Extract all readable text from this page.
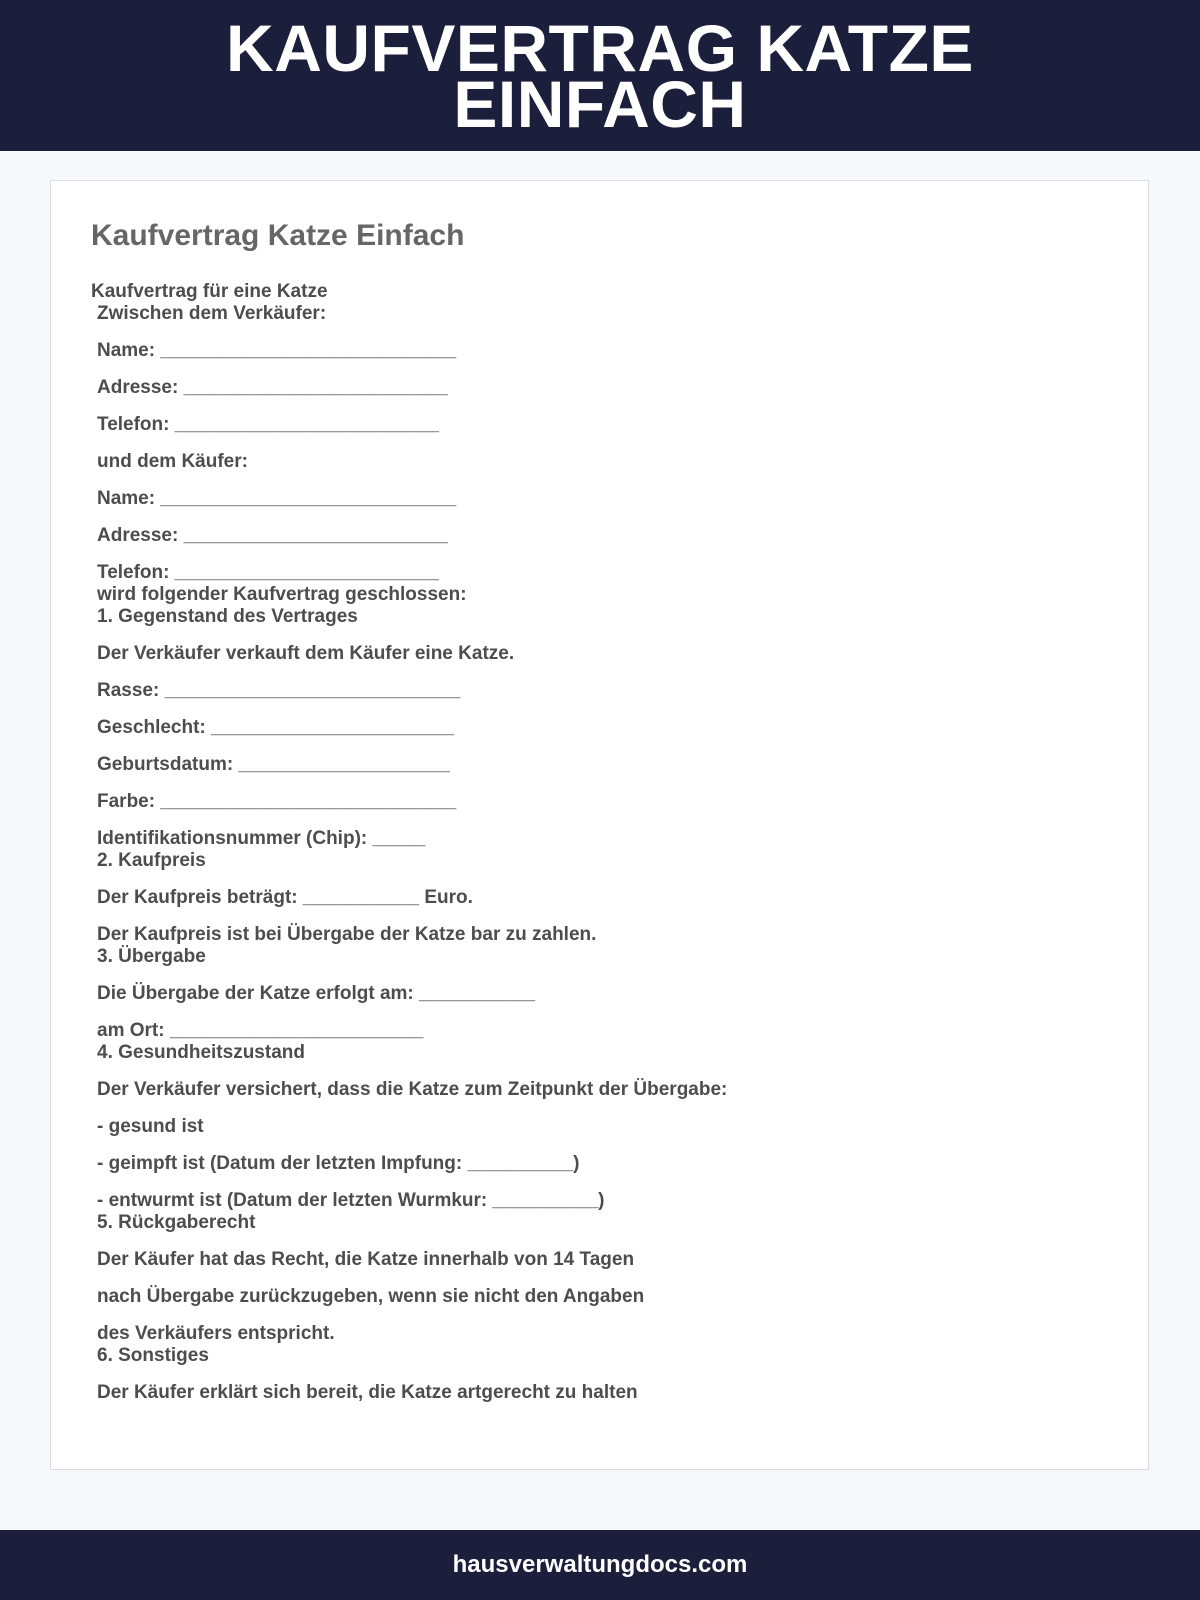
KAUFVERTRAG KATZE
EINFACH
Kaufvertrag Katze Einfach
Kaufvertrag für eine Katze
Zwischen dem Verkäufer:
Name: ____________________________
Adresse: _________________________
Telefon: _________________________
und dem Käufer:
Name: ____________________________
Adresse: _________________________
Telefon: _________________________
wird folgender Kaufvertrag geschlossen:
1. Gegenstand des Vertrages
Der Verkäufer verkauft dem Käufer eine Katze.
Rasse: ____________________________
Geschlecht: _______________________
Geburtsdatum: ____________________
Farbe: ____________________________
Identifikationsnummer (Chip): _____
2. Kaufpreis
Der Kaufpreis beträgt: ___________ Euro.
Der Kaufpreis ist bei Übergabe der Katze bar zu zahlen.
3. Übergabe
Die Übergabe der Katze erfolgt am: ___________
am Ort: ________________________
4. Gesundheitszustand
Der Verkäufer versichert, dass die Katze zum Zeitpunkt der Übergabe:
- gesund ist
- geimpft ist (Datum der letzten Impfung: __________)
- entwurmt ist (Datum der letzten Wurmkur: __________)
5. Rückgaberecht
Der Käufer hat das Recht, die Katze innerhalb von 14 Tagen
nach Übergabe zurückzugeben, wenn sie nicht den Angaben
des Verkäufers entspricht.
6. Sonstiges
Der Käufer erklärt sich bereit, die Katze artgerecht zu halten
hausverwaltungdocs.com
